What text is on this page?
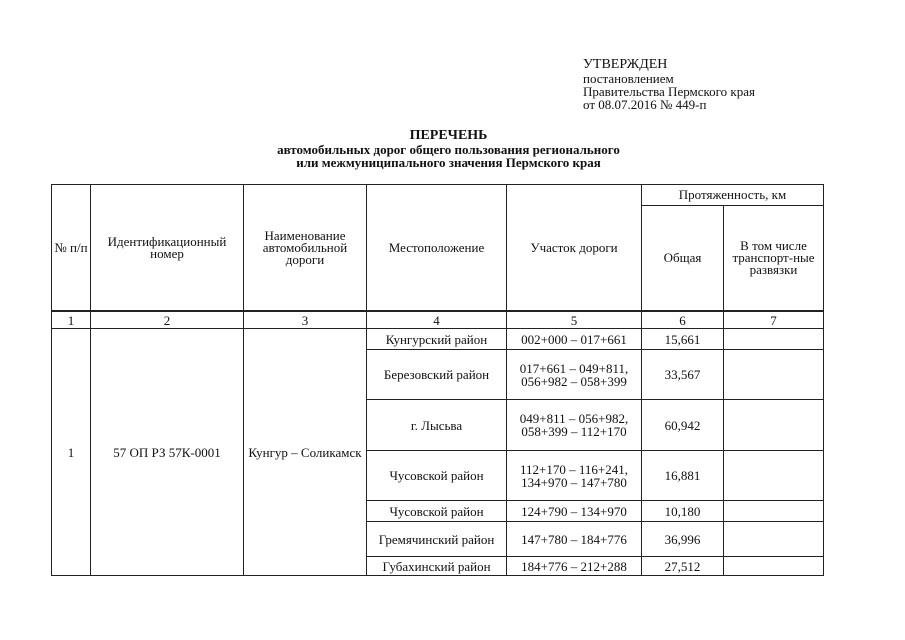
УТВЕРЖДЕН
постановлением
Правительства Пермского края
от 08.07.2016 № 449-п
ПЕРЕЧЕНЬ
автомобильных дорог общего пользования регионального
или межмуниципального значения Пермского края
№ п/п	Идентификационный номер	Наименование автомобильной дороги	Местоположение	Участок дороги	Протяженность, км	
					Общая	В том числе транспорт-ные развязки
1	2	3	4	5	6	7
1	57 ОП РЗ 57К-0001	Кунгур – Соликамск	Кунгурский район	002+000 – 017+661	15,661	
			Березовский район	017+661 – 049+811, 056+982 – 058+399	33,567	
			г. Лысьва	049+811 – 056+982, 058+399 – 112+170	60,942	
			Чусовской район	112+170 – 116+241, 134+970 – 147+780	16,881	
			Чусовской район	124+790 – 134+970	10,180	
			Гремячинский район	147+780 – 184+776	36,996	
			Губахинский район	184+776 – 212+288	27,512	
